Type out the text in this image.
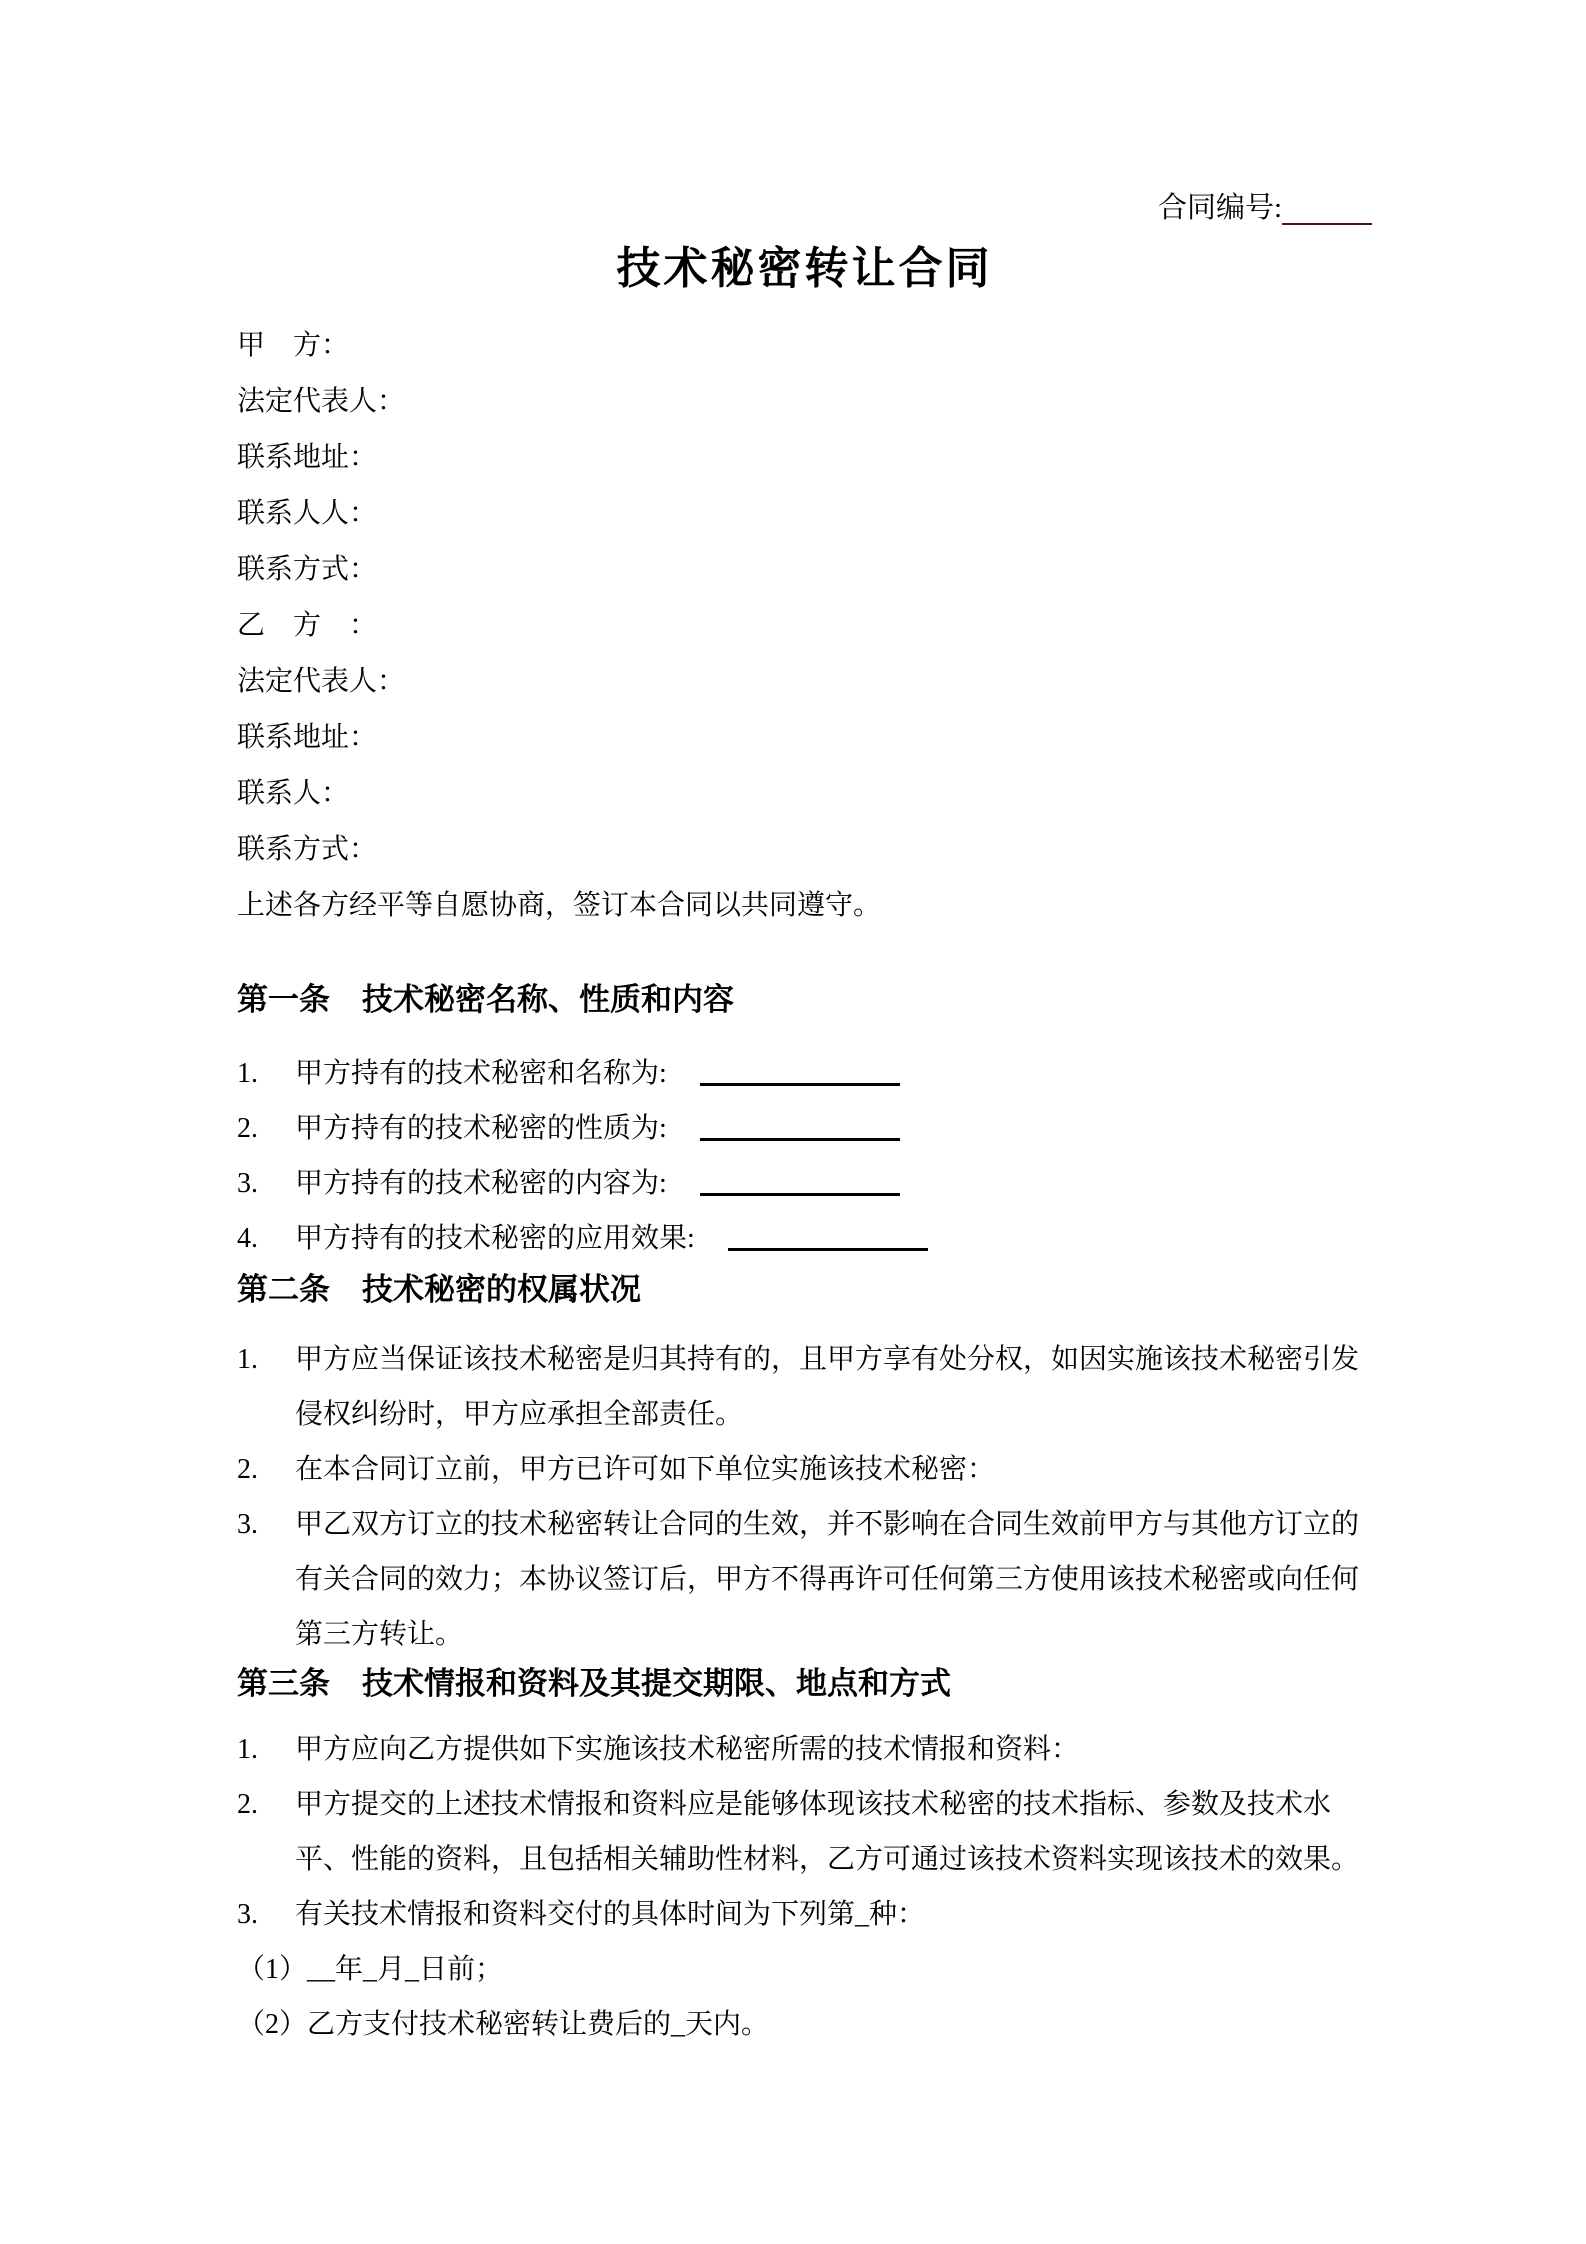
合同编号:
技术秘密转让合同

甲　方：

法定代表人：

联系地址：

联系人人：

联系方式：

乙　方　：

法定代表人：

联系地址：

联系人：

联系方式：

上述各方经平等自愿协商，签订本合同以共同遵守。

第一条 技术秘密名称、性质和内容
1.	甲方持有的技术秘密和名称为:
2.	甲方持有的技术秘密的性质为:
3.	甲方持有的技术秘密的内容为:
4.	甲方持有的技术秘密的应用效果:
第二条 技术秘密的权属状况
1.	甲方应当保证该技术秘密是归其持有的，且甲方享有处分权，如因实施该技术秘密引发侵权纠纷时，甲方应承担全部责任。
2.	在本合同订立前，甲方已许可如下单位实施该技术秘密：
3.	甲乙双方订立的技术秘密转让合同的生效，并不影响在合同生效前甲方与其他方订立的有关合同的效力；本协议签订后，甲方不得再许可任何第三方使用该技术秘密或向任何第三方转让。
第三条 技术情报和资料及其提交期限、地点和方式
1.	甲方应向乙方提供如下实施该技术秘密所需的技术情报和资料：
2.	甲方提交的上述技术情报和资料应是能够体现该技术秘密的技术指标、参数及技术水平、性能的资料，且包括相关辅助性材料，乙方可通过该技术资料实现该技术的效果。
3.	有关技术情报和资料交付的具体时间为下列第_种：

（1）__年_月_日前；

（2）乙方支付技术秘密转让费后的_天内。
